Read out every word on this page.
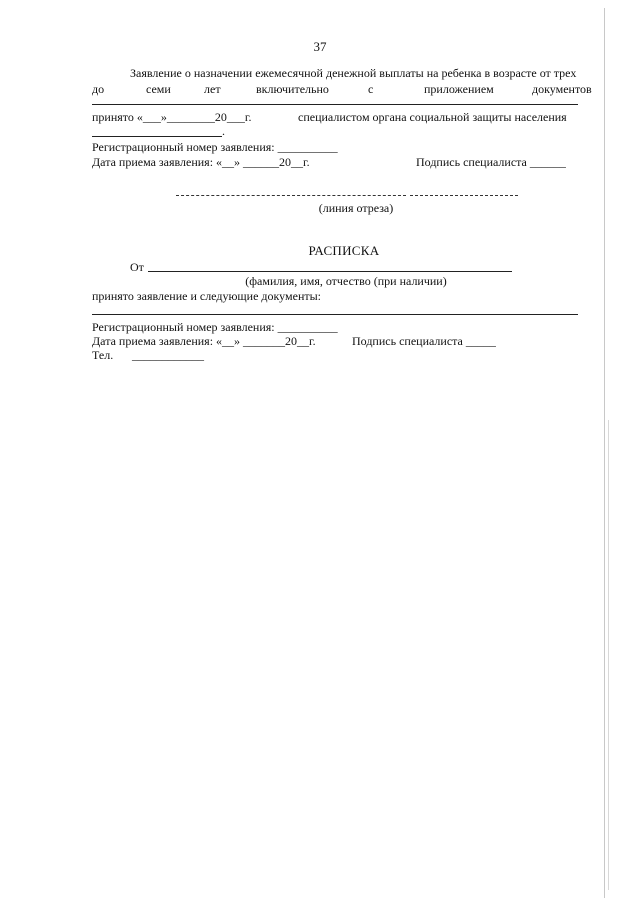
37
Заявление о назначении ежемесячной денежной выплаты на ребенка в возрасте от трех
до	семи	лет	включительно	с	приложением	документов
принято «___»________20___г.	специалистом органа социальной защиты населения
.
Регистрационный номер заявления: __________
Дата приема заявления: «__» ______20__г.	Подпись специалиста ______
(линия отреза)
РАСПИСКА
От
(фамилия, имя, отчество (при наличии)
принято заявление и следующие документы:
Регистрационный номер заявления: __________
Дата приема заявления: «__» _______20__г.	Подпись специалиста _____
Тел. ____________
